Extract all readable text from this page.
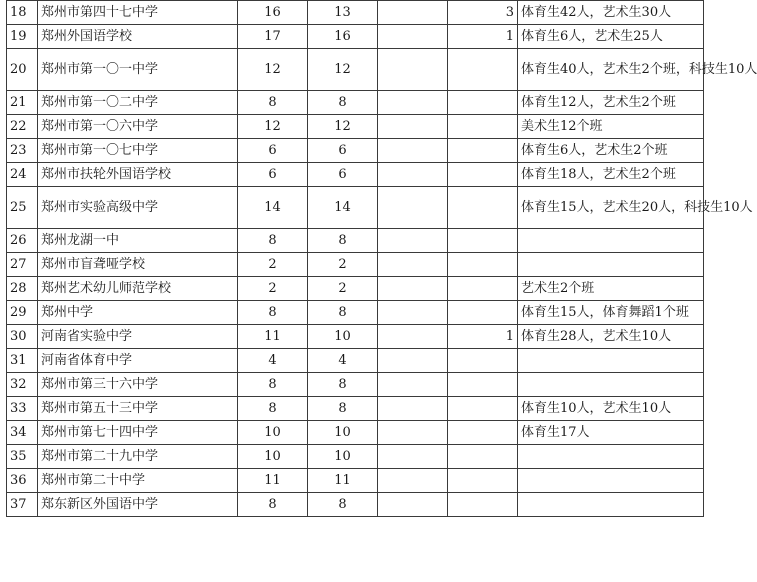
18	郑州市第四十七中学	16	13		3	体育生42人，艺术生30人
19	郑州外国语学校	17	16		1	体育生6人，艺术生25人
20	郑州市第一〇一中学	12	12			体育生40人，艺术生2个班，科技生10人
21	郑州市第一〇二中学	8	8			体育生12人，艺术生2个班
22	郑州市第一〇六中学	12	12			美术生12个班
23	郑州市第一〇七中学	6	6			体育生6人，艺术生2个班
24	郑州市扶轮外国语学校	6	6			体育生18人，艺术生2个班
25	郑州市实验高级中学	14	14			体育生15人，艺术生20人，科技生10人
26	郑州龙湖一中	8	8			
27	郑州市盲聋哑学校	2	2			
28	郑州艺术幼儿师范学校	2	2			艺术生2个班
29	郑州中学	8	8			体育生15人，体育舞蹈1个班
30	河南省实验中学	11	10		1	体育生28人，艺术生10人
31	河南省体育中学	4	4			
32	郑州市第三十六中学	8	8			
33	郑州市第五十三中学	8	8			体育生10人，艺术生10人
34	郑州市第七十四中学	10	10			体育生17人
35	郑州市第二十九中学	10	10			
36	郑州市第二十中学	11	11			
37	郑东新区外国语中学	8	8			
